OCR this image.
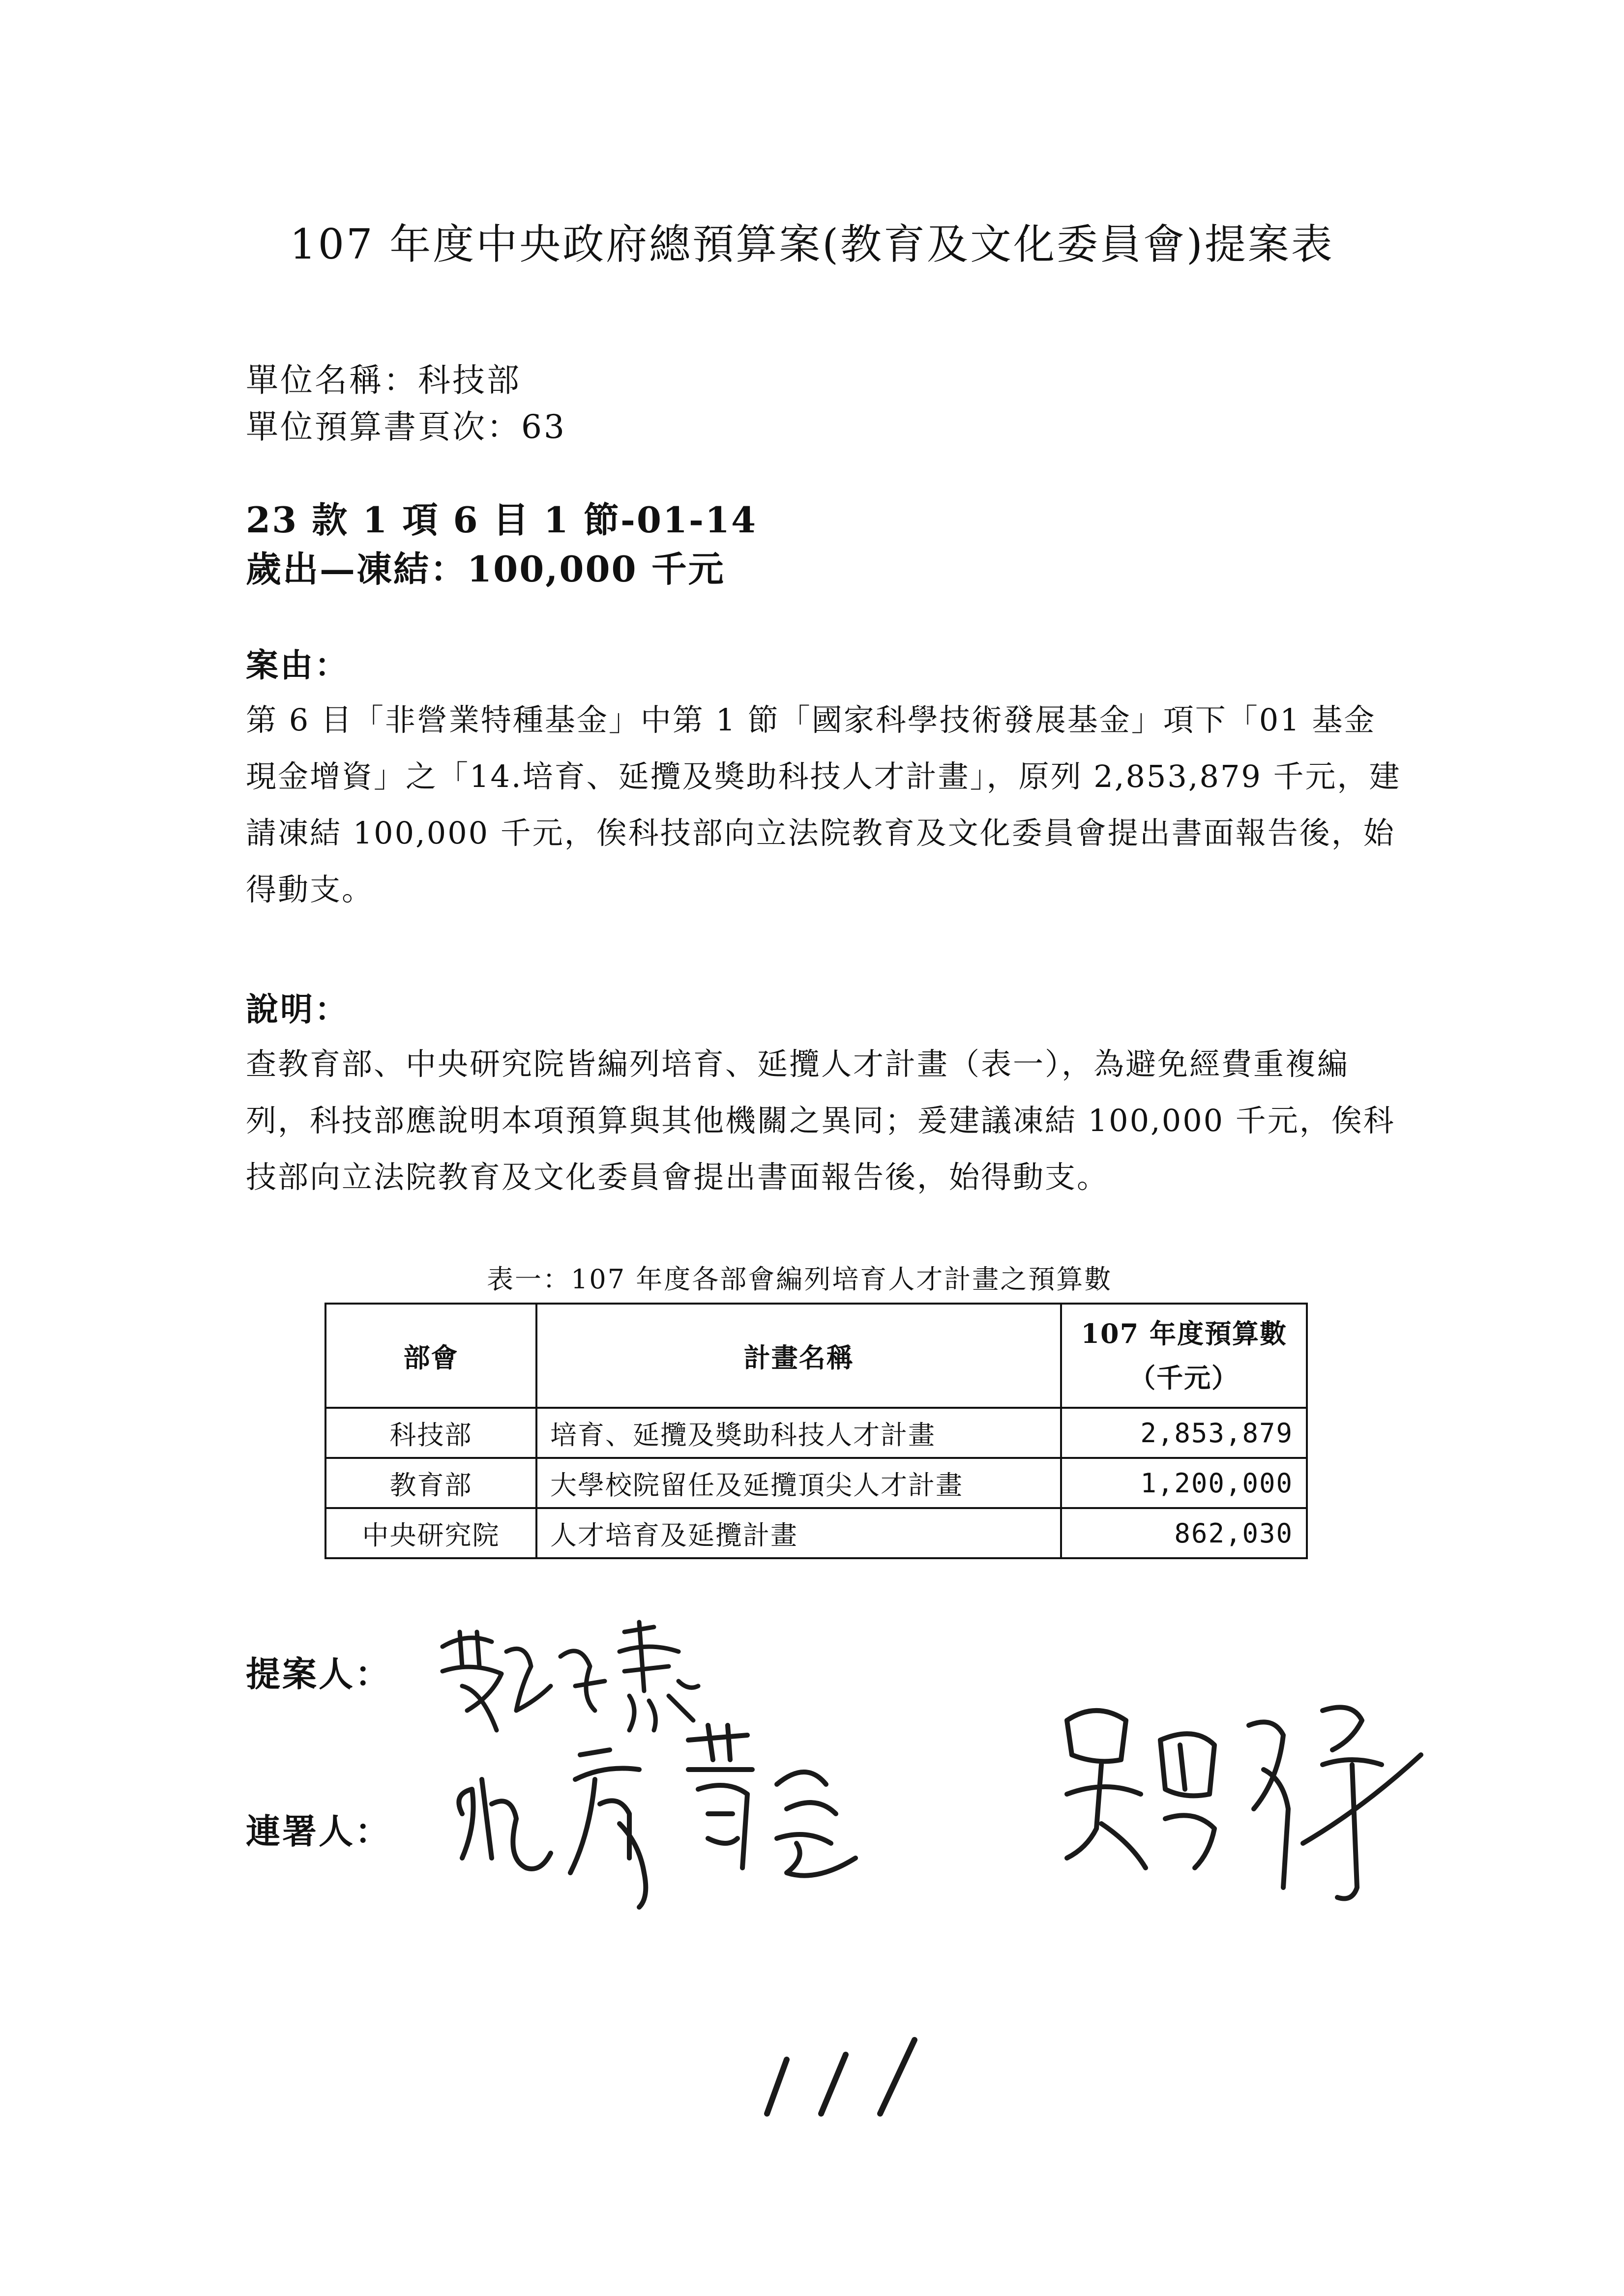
107 年度中央政府總預算案(教育及文化委員會)提案表
單位名稱：科技部
單位預算書頁次：63
23 款 1 項 6 目 1 節-01-14
歲出—凍結：100,000 千元
案由：
第 6 目「非營業特種基金」中第 1 節「國家科學技術發展基金」項下「01 基金
現金增資」之「14.培育、延攬及獎助科技人才計畫」，原列 2,853,879 千元，建
請凍結 100,000 千元，俟科技部向立法院教育及文化委員會提出書面報告後，始
得動支。
說明：
查教育部、中央研究院皆編列培育、延攬人才計畫（表一），為避免經費重複編
列，科技部應說明本項預算與其他機關之異同；爰建議凍結 100,000 千元，俟科
技部向立法院教育及文化委員會提出書面報告後，始得動支。
表一：107 年度各部會編列培育人才計畫之預算數
部會	計畫名稱	107 年度預算數
（千元）

科技部	培育、延攬及獎助科技人才計畫	2,853,879
教育部	大學校院留任及延攬頂尖人才計畫	1,200,000
中央研究院	人才培育及延攬計畫	862,030
提案人：
連署人：
